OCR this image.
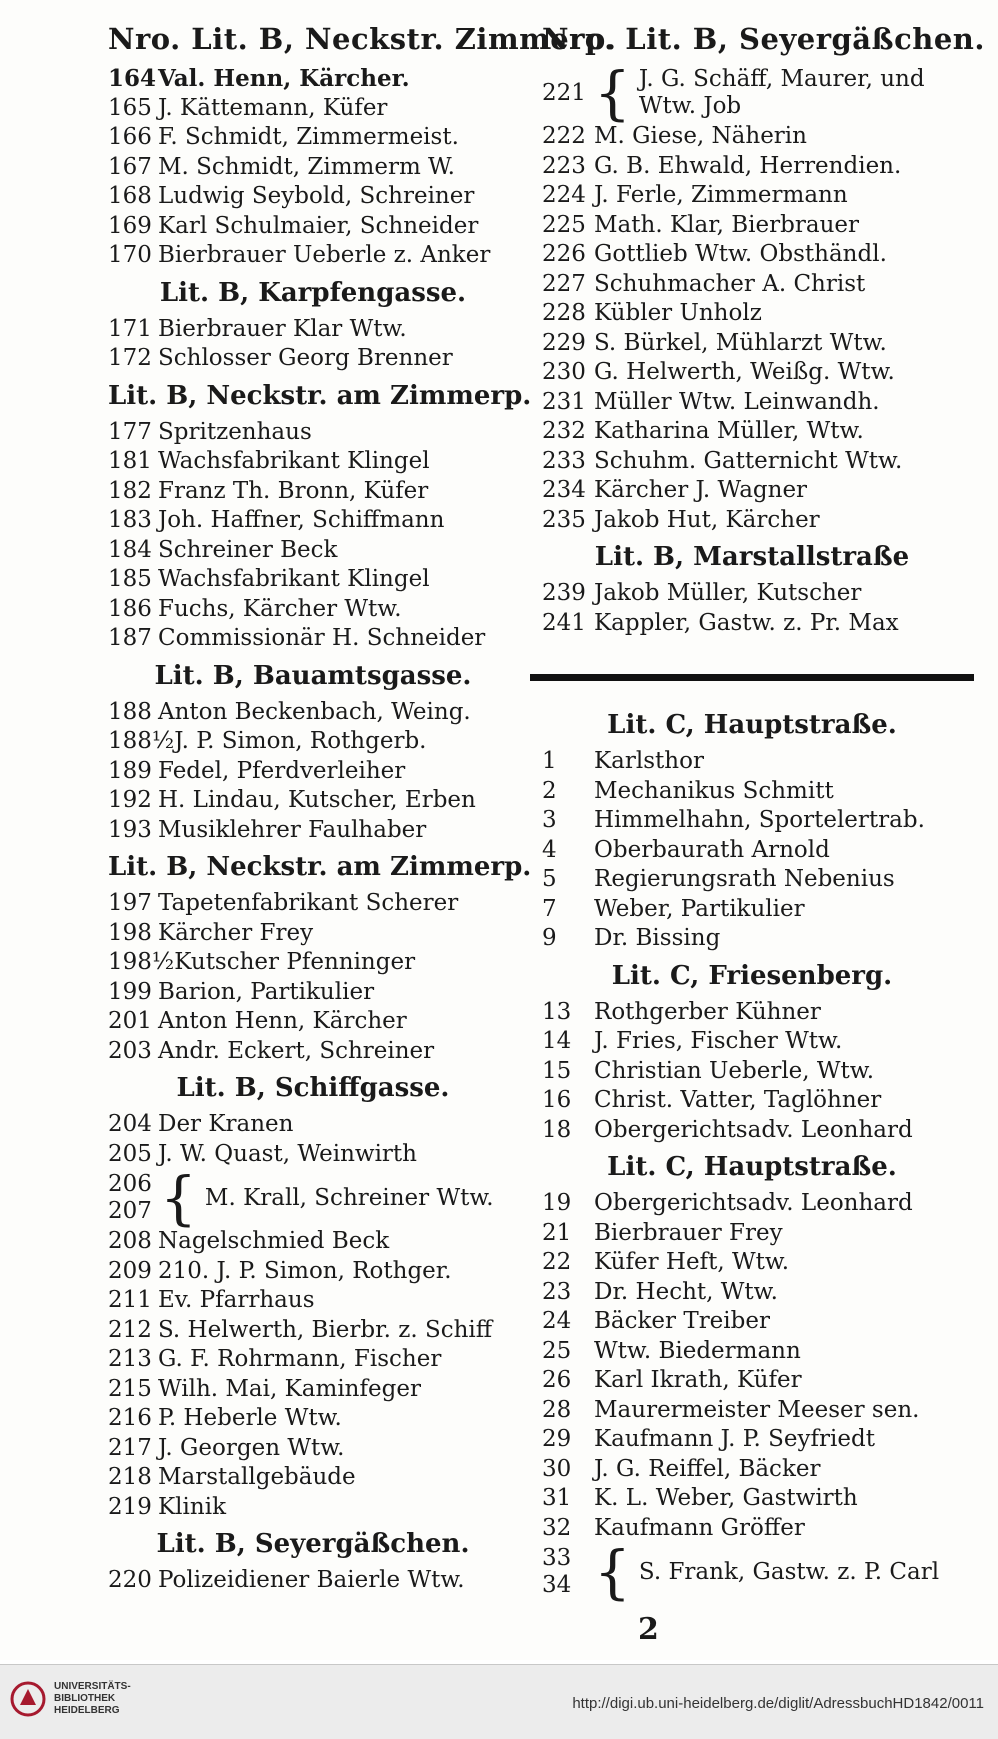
Nro. Lit. B, Neckstr. Zimmerp.
164 Val. Henn, Kärcher.
165 J. Kättemann, Küfer
166 F. Schmidt, Zimmermeist.
167 M. Schmidt, Zimmerm W.
168 Ludwig Seybold, Schreiner
169 Karl Schulmaier, Schneider
170 Bierbrauer Ueberle z. Anker
Lit. B, Karpfengasse.
171 Bierbrauer Klar Wtw.
172 Schlosser Georg Brenner
Lit. B, Neckstr. am Zimmerp.
177 Spritzenhaus
181 Wachsfabrikant Klingel
182 Franz Th. Bronn, Küfer
183 Joh. Haffner, Schiffmann
184 Schreiner Beck
185 Wachsfabrikant Klingel
186 Fuchs, Kärcher Wtw.
187 Commissionär H. Schneider
Lit. B, Bauamtsgasse.
188 Anton Beckenbach, Weing.
188½ J. P. Simon, Rothgerb.
189 Fedel, Pferdverleiher
192 H. Lindau, Kutscher, Erben
193 Musiklehrer Faulhaber
Lit. B, Neckstr. am Zimmerp.
197 Tapetenfabrikant Scherer
198 Kärcher Frey
198½ Kutscher Pfenninger
199 Barion, Partikulier
201 Anton Henn, Kärcher
203 Andr. Eckert, Schreiner
Lit. B, Schiffgasse.
204 Der Kranen
205 J. W. Quast, Weinwirth
206
207 { M. Krall, Schreiner Wtw.
208 Nagelschmied Beck
209 210. J. P. Simon, Rothger.
211 Ev. Pfarrhaus
212 S. Helwerth, Bierbr. z. Schiff
213 G. F. Rohrmann, Fischer
215 Wilh. Mai, Kaminfeger
216 P. Heberle Wtw.
217 J. Georgen Wtw.
218 Marstallgebäude
219 Klinik
Lit. B, Seyergäßchen.
220 Polizeidiener Baierle Wtw.
Nro. Lit. B, Seyergäßchen.
221 { J. G. Schäff, Maurer, und
Wtw. Job
222 M. Giese, Näherin
223 G. B. Ehwald, Herrendien.
224 J. Ferle, Zimmermann
225 Math. Klar, Bierbrauer
226 Gottlieb Wtw. Obsthändl.
227 Schuhmacher A. Christ
228 Kübler Unholz
229 S. Bürkel, Mühlarzt Wtw.
230 G. Helwerth, Weißg. Wtw.
231 Müller Wtw. Leinwandh.
232 Katharina Müller, Wtw.
233 Schuhm. Gatternicht Wtw.
234 Kärcher J. Wagner
235 Jakob Hut, Kärcher
Lit. B, Marstallstraße
239 Jakob Müller, Kutscher
241 Kappler, Gastw. z. Pr. Max
Lit. C, Hauptstraße.
1	Karlsthor
2	Mechanikus Schmitt
3	Himmelhahn, Sportelertrab.
4	Oberbaurath Arnold
5	Regierungsrath Nebenius
7	Weber, Partikulier
9	Dr. Bissing
Lit. C, Friesenberg.
13 Rothgerber Kühner
14 J. Fries, Fischer Wtw.
15 Christian Ueberle, Wtw.
16 Christ. Vatter, Taglöhner
18 Obergerichtsadv. Leonhard
Lit. C, Hauptstraße.
19 Obergerichtsadv. Leonhard
21 Bierbrauer Frey
22 Küfer Heft, Wtw.
23 Dr. Hecht, Wtw.
24 Bäcker Treiber
25 Wtw. Biedermann
26 Karl Ikrath, Küfer
28 Maurermeister Meeser sen.
29 Kaufmann J. P. Seyfriedt
30 J. G. Reiffel, Bäcker
31 K. L. Weber, Gastwirth
32 Kaufmann Gröffer
33
34 { S. Frank, Gastw. z. P. Carl
2
UNIVERSITÄTS-
BIBLIOTHEK
HEIDELBERG	http://digi.ub.uni-heidelberg.de/diglit/AdressbuchHD1842/0011
